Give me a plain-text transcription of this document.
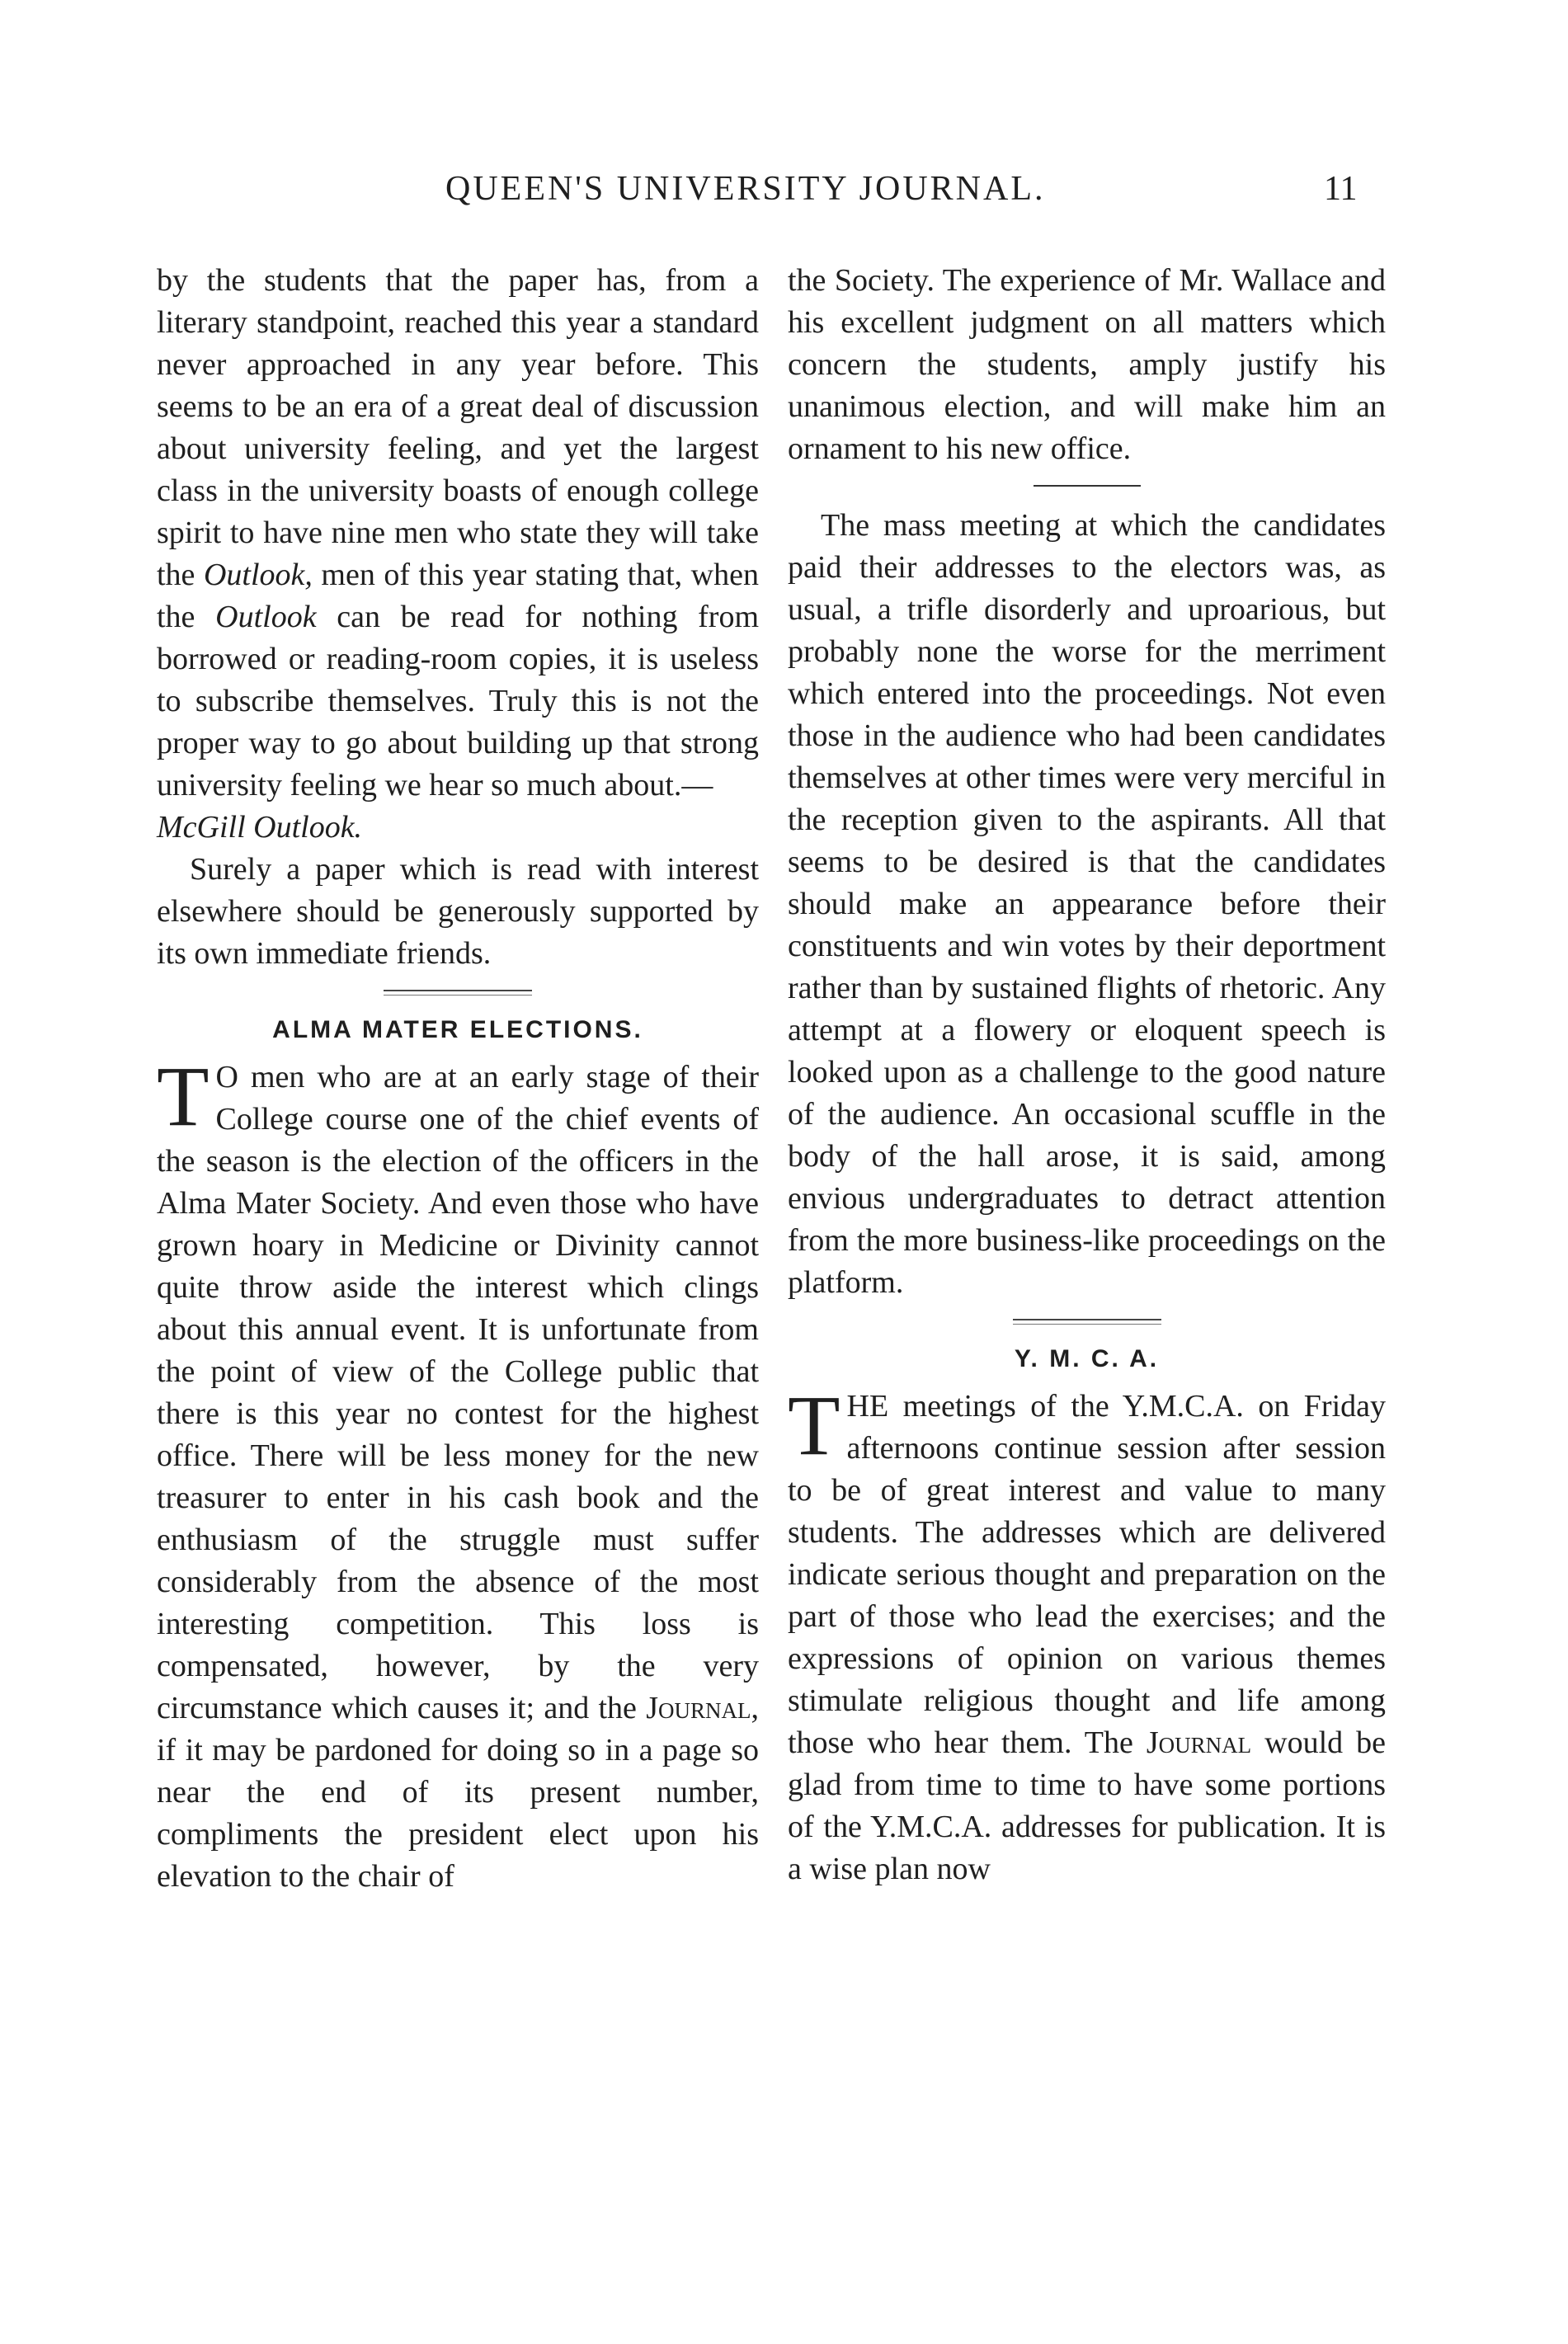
QUEEN'S UNIVERSITY JOURNAL.	11

by the students that the paper has, from a literary standpoint, reached this year a standard never approached in any year before. This seems to be an era of a great deal of discussion about university feeling, and yet the largest class in the university boasts of enough college spirit to have nine men who state they will take the Outlook, men of this year stating that, when the Outlook can be read for nothing from borrowed or reading-room copies, it is useless to subscribe themselves. Truly this is not the proper way to go about building up that strong university feeling we hear so much about.—
McGill Outlook.

Surely a paper which is read with interest elsewhere should be generously supported by its own immediate friends.

ALMA MATER ELECTIONS.

T O men who are at an early stage of their College course one of the chief events of the season is the election of the officers in the Alma Mater Society. And even those who have grown hoary in Medicine or Divinity cannot quite throw aside the interest which clings about this annual event. It is unfortunate from the point of view of the College public that there is this year no contest for the highest office. There will be less money for the new treasurer to enter in his cash book and the enthusiasm of the struggle must suffer considerably from the absence of the most interesting competition. This loss is compensated, however, by the very circumstance which causes it; and the Journal, if it may be pardoned for doing so in a page so near the end of its present number, compliments the president elect upon his elevation to the chair of

the Society. The experience of Mr. Wallace and his excellent judgment on all matters which concern the students, amply justify his unanimous election, and will make him an ornament to his new office.

The mass meeting at which the candidates paid their addresses to the electors was, as usual, a trifle disorderly and uproarious, but probably none the worse for the merriment which entered into the proceedings. Not even those in the audience who had been candidates themselves at other times were very merciful in the reception given to the aspirants. All that seems to be desired is that the candidates should make an appearance before their constituents and win votes by their deportment rather than by sustained flights of rhetoric. Any attempt at a flowery or eloquent speech is looked upon as a challenge to the good nature of the audience. An occasional scuffle in the body of the hall arose, it is said, among envious undergraduates to detract attention from the more business-like proceedings on the platform.

Y. M. C. A.

THE meetings of the Y.M.C.A. on Friday afternoons continue session after session to be of great interest and value to many students. The addresses which are delivered indicate serious thought and preparation on the part of those who lead the exercises; and the expressions of opinion on various themes stimulate religious thought and life among those who hear them. The Journal would be glad from time to time to have some portions of the Y.M.C.A. addresses for publication. It is a wise plan now
